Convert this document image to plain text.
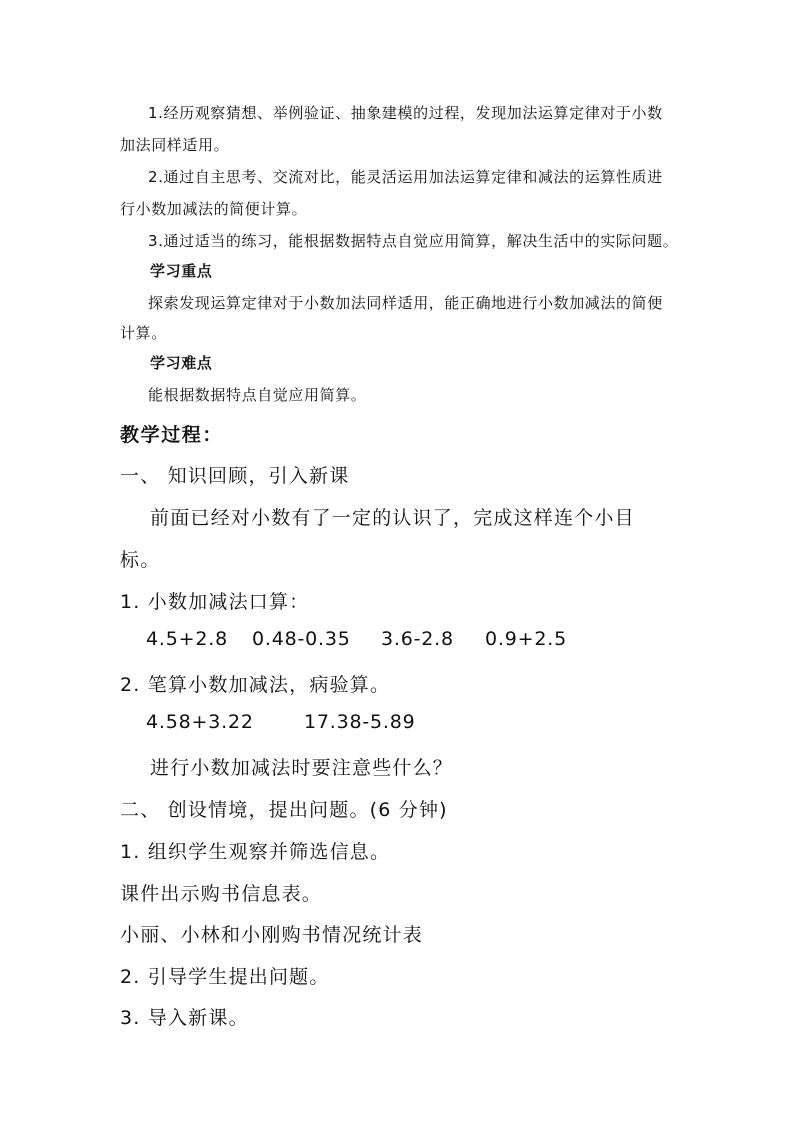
1.经历观察猜想、举例验证、抽象建模的过程，发现加法运算定律对于小数
加法同样适用。
2.通过自主思考、交流对比，能灵活运用加法运算定律和减法的运算性质进
行小数加减法的简便计算。
3.通过适当的练习，能根据数据特点自觉应用简算，解决生活中的实际问题。
学习重点
探索发现运算定律对于小数加法同样适用，能正确地进行小数加减法的简便
计算。
学习难点
能根据数据特点自觉应用简算。
教学过程：
一、 知识回顾，引入新课
前面已经对小数有了一定的认识了，完成这样连个小目
标。
1. 小数加减法口算：
4.5+2.8 0.48-0.35 3.6-2.8 0.9+2.5
2. 笔算小数加减法，病验算。
4.58+3.22	17.38-5.89
进行小数加减法时要注意些什么？
二、 创设情境，提出问题。(6 分钟)
1. 组织学生观察并筛选信息。
课件出示购书信息表。
小丽、小林和小刚购书情况统计表
2. 引导学生提出问题。
3. 导入新课。
